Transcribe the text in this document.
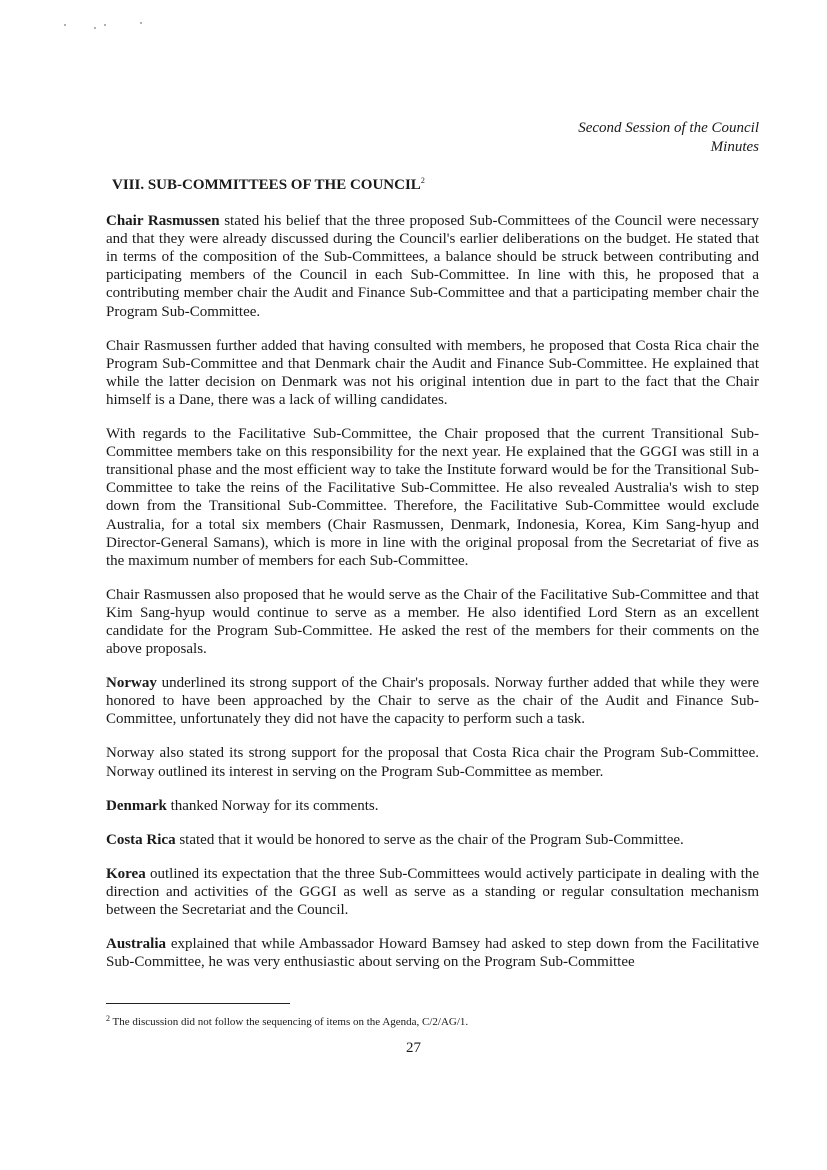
Second Session of the Council
Minutes
VIII. SUB-COMMITTEES OF THE COUNCIL$^2$

Chair Rasmussen stated his belief that the three proposed Sub-Committees of the Council were necessary and that they were already discussed during the Council's earlier deliberations on the budget. He stated that in terms of the composition of the Sub-Committees, a balance should be struck between contributing and participating members of the Council in each Sub-Committee. In line with this, he proposed that a contributing member chair the Audit and Finance Sub-Committee and that a participating member chair the Program Sub-Committee.

Chair Rasmussen further added that having consulted with members, he proposed that Costa Rica chair the Program Sub-Committee and that Denmark chair the Audit and Finance Sub-Committee. He explained that while the latter decision on Denmark was not his original intention due in part to the fact that the Chair himself is a Dane, there was a lack of willing candidates.

With regards to the Facilitative Sub-Committee, the Chair proposed that the current Transitional Sub-Committee members take on this responsibility for the next year. He explained that the GGGI was still in a transitional phase and the most efficient way to take the Institute forward would be for the Transitional Sub-Committee to take the reins of the Facilitative Sub-Committee. He also revealed Australia's wish to step down from the Transitional Sub-Committee. Therefore, the Facilitative Sub-Committee would exclude Australia, for a total six members (Chair Rasmussen, Denmark, Indonesia, Korea, Kim Sang-hyup and Director-General Samans), which is more in line with the original proposal from the Secretariat of five as the maximum number of members for each Sub-Committee.

Chair Rasmussen also proposed that he would serve as the Chair of the Facilitative Sub-Committee and that Kim Sang-hyup would continue to serve as a member. He also identified Lord Stern as an excellent candidate for the Program Sub-Committee. He asked the rest of the members for their comments on the above proposals.

Norway underlined its strong support of the Chair's proposals. Norway further added that while they were honored to have been approached by the Chair to serve as the chair of the Audit and Finance Sub-Committee, unfortunately they did not have the capacity to perform such a task.

Norway also stated its strong support for the proposal that Costa Rica chair the Program Sub-Committee. Norway outlined its interest in serving on the Program Sub-Committee as member.

Denmark thanked Norway for its comments.

Costa Rica stated that it would be honored to serve as the chair of the Program Sub-Committee.

Korea outlined its expectation that the three Sub-Committees would actively participate in dealing with the direction and activities of the GGGI as well as serve as a standing or regular consultation mechanism between the Secretariat and the Council.

Australia explained that while Ambassador Howard Bamsey had asked to step down from the Facilitative Sub-Committee, he was very enthusiastic about serving on the Program Sub-Committee

$^2$ The discussion did not follow the sequencing of items on the Agenda, C/2/AG/1.
27
